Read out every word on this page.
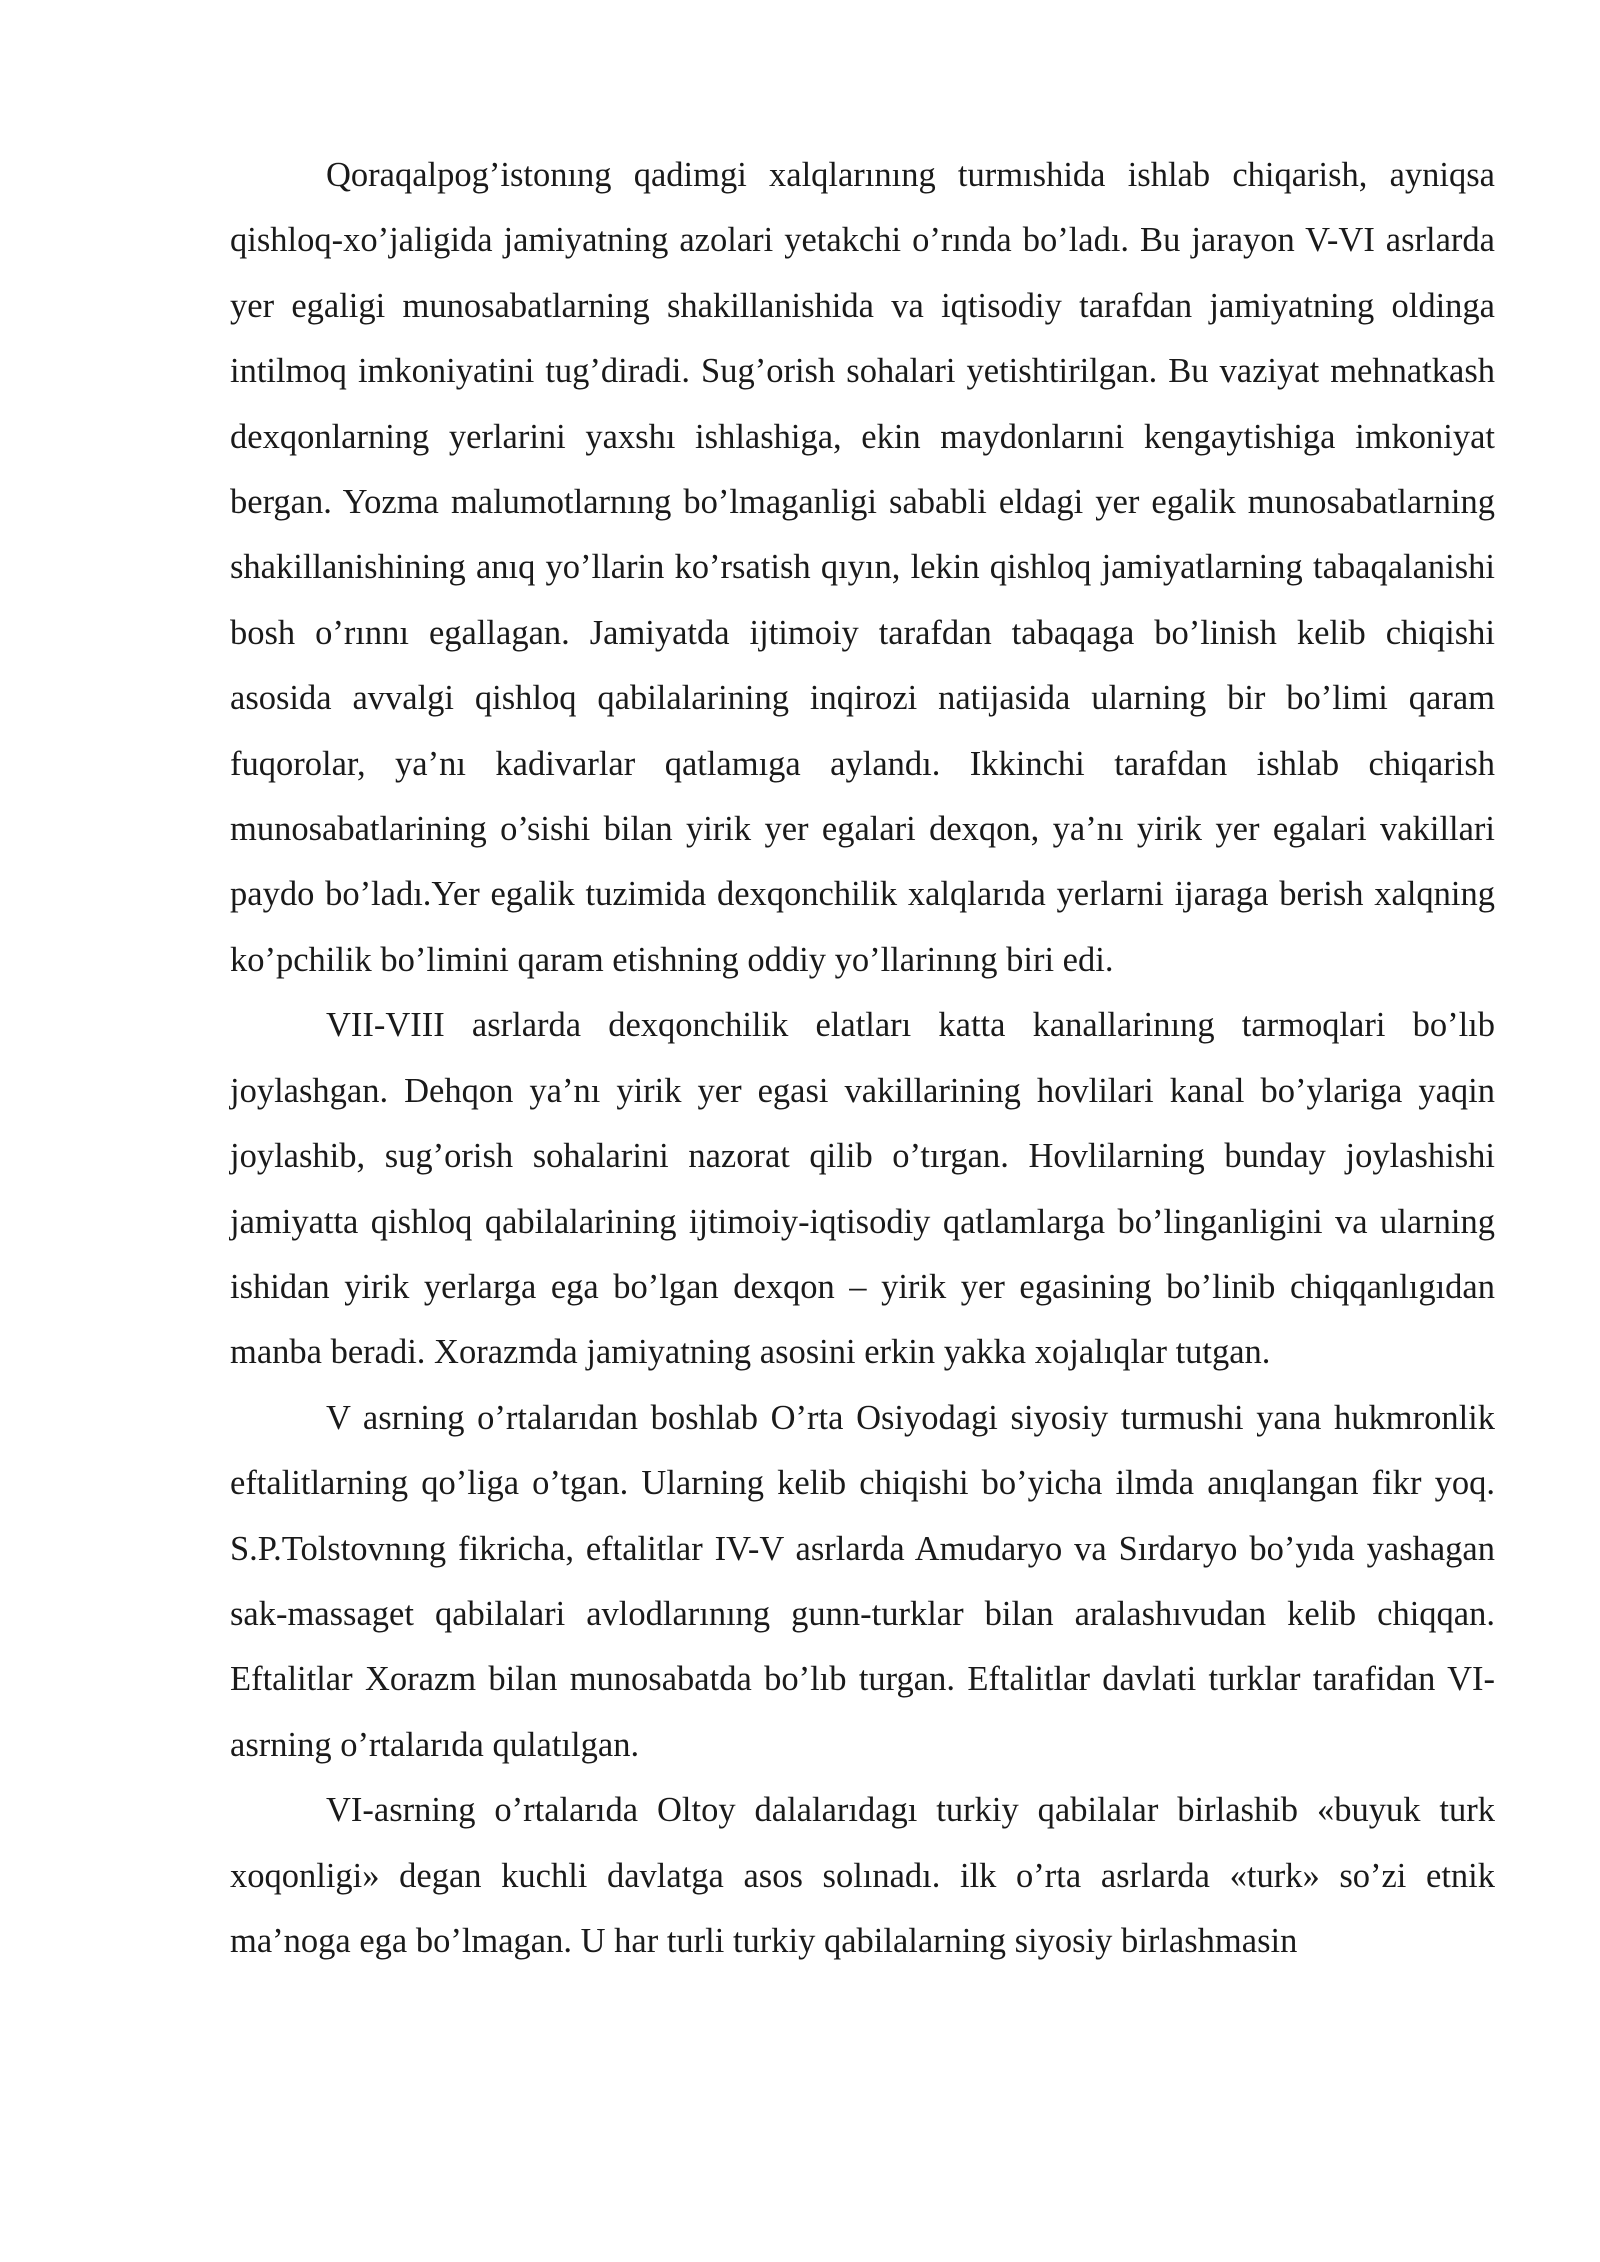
Qoraqalpog’istonıng qadimgi xalqlarınıng turmıshida ishlab chiqarish, ayniqsa qishloq-xo’jaligida jamiyatning azolari yetakchi o’rında bo’ladı. Bu jarayon V-VI asrlarda yer egaligi munosabatlarning shakillanishida va iqtisodiy tarafdan jamiyatning oldinga intilmoq imkoniyatini tug’diradi. Sug’orish sohalari yetishtirilgan. Bu vaziyat mehnatkash dexqonlarning yerlarini yaxshı ishlashiga, ekin maydonlarıni kengaytishiga imkoniyat bergan. Yozma malumotlarnıng bo’lmaganligi sababli eldagi yer egalik munosabatlarning shakillanishining anıq yo’llarin ko’rsatish qıyın, lekin qishloq jamiyatlarning tabaqalanishi bosh o’rınnı egallagan. Jamiyatda ijtimoiy tarafdan tabaqaga bo’linish kelib chiqishi asosida avvalgi qishloq qabilalarining inqirozi natijasida ularning bir bo’limi qaram fuqorolar, ya’nı kadivarlar qatlamıga aylandı. Ikkinchi tarafdan ishlab chiqarish munosabatlarining o’sishi bilan yirik yer egalari dexqon, ya’nı yirik yer egalari vakillari paydo bo’ladı.Yer egalik tuzimida dexqonchilik xalqlarıda yerlarni ijaraga berish xalqning ko’pchilik bo’limini qaram etishning oddiy yo’llarinıng biri edi.

VII-VIII asrlarda dexqonchilik elatları katta kanallarinıng tarmoqlari bo’lıb joylashgan. Dehqon ya’nı yirik yer egasi vakillarining hovlilari kanal bo’ylariga yaqin joylashib, sug’orish sohalarini nazorat qilib o’tırgan. Hovlilarning bunday joylashishi jamiyatta qishloq qabilalarining ijtimoiy-iqtisodiy qatlamlarga bo’linganligini va ularning ishidan yirik yerlarga ega bo’lgan dexqon – yirik yer egasining bo’linib chiqqanlıgıdan manba beradi. Xorazmda jamiyatning asosini erkin yakka xojalıqlar tutgan.

V asrning o’rtalarıdan boshlab O’rta Osiyodagi siyosiy turmushi yana hukmronlik eftalitlarning qo’liga o’tgan. Ularning kelib chiqishi bo’yicha ilmda anıqlangan fikr yoq. S.P.Tolstovnıng fikricha, eftalitlar IV-V asrlarda Amudaryo va Sırdaryo bo’yıda yashagan sak-massaget qabilalari avlodlarınıng gunn-turklar bilan aralashıvudan kelib chiqqan. Eftalitlar Xorazm bilan munosabatda bo’lıb turgan. Eftalitlar davlati turklar tarafidan VI- asrning o’rtalarıda qulatılgan.

VI-asrning o’rtalarıda Oltoy dalalarıdagı turkiy qabilalar birlashib «buyuk turk xoqonligi» degan kuchli davlatga asos solınadı. ilk o’rta asrlarda «turk» so’zi etnik ma’noga ega bo’lmagan. U har turli turkiy qabilalarning siyosiy birlashmasin
